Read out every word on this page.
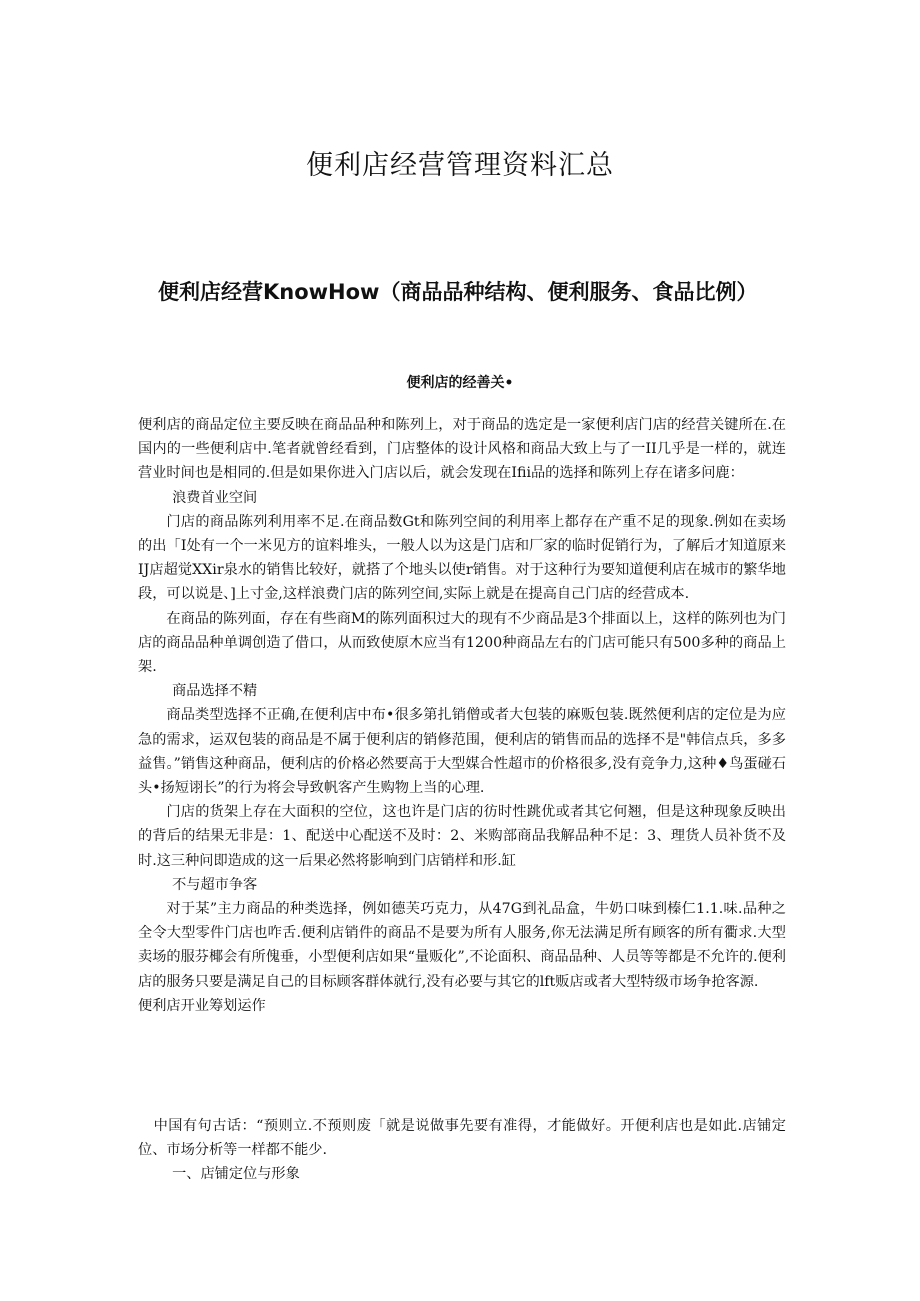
便利店经营管理资料汇总
便利店经营KnowHow（商品品种结构、便利服务、食品比例）
便利店的经善关•

便利店的商品定位主要反映在商品品种和陈列上，对于商品的选定是一家便利店门店的经营关键所在.在国内的一些便利店中.笔者就曾经看到，门店整体的设计风格和商品大致上与了一II几乎是一样的，就连营业时间也是相同的.但是如果你进入门店以后，就会发现在Ifii品的选择和陈列上存在诸多问鹿：

浪费首业空间

门店的商品陈列利用率不足.在商品数Gt和陈列空间的利用率上都存在产重不足的现象.例如在卖场的出「I处有一个一米见方的谊料堆头，一般人以为这是门店和厂家的临时促销行为，了解后才知道原来IJ店超觉XXir泉水的销售比较好，就搭了个地头以使r销售。对于这种行为要知道便利店在城市的繁华地段，可以说是、]上寸金,这样浪费门店的陈列空间,实际上就是在提高自己门店的经营成本.

在商品的陈列面，存在有些商M的陈列面积过大的现有不少商品是3个排面以上，这样的陈列也为门店的商品品种单调创造了借口，从而致使原木应当有1200种商品左右的门店可能只有500多种的商品上架.

商品选择不精

商品类型选择不正确,在便利店中布•很多第扎销僧或者大包装的麻贩包装.既然便利店的定位是为应急的需求，运双包装的商品是不属于便利店的销修范围，便利店的销售而品的选择不是"韩信点兵，多多益售。”销售这种商品，便利店的价格必然要高于大型媒合性超市的价格很多,没有竞争力,这种♦鸟蛋碰石头•扬短诩长”的行为将会导致帆客产生购物上当的心理.

门店的货架上存在大面积的空位，这也许是门店的彷时性跳优或者其它何翘，但是这种现象反映出的背后的结果无非是：1、配送中心配送不及时：2、米购部商品我解品种不足：3、理货人员补货不及时.这三种问即造成的这一后果必然将影响到门店销样和形.缸

不与超市争客

对于某”主力商品的种类选择，例如德芙巧克力，从47G到礼品盒，牛奶口味到榛仁1.1.味.品种之全令大型零件门店也咋舌.便利店销件的商品不是要为所有人服务,你无法满足所有顾客的所有衢求.大型卖场的服芬椰会有所傀垂，小型便利店如果“量贩化”,不论面积、商品品种、人员等等都是不允许的.便利店的服务只要是满足自己的目标顾客群体就行,没有必要与其它的lft贩店或者大型特级市场争抢客源.

便利店开业筹划运作

中国有句古话：“预则立.不预则废「就是说做事先要有准得，才能做好。开便利店也是如此.店铺定位、市场分析等一样都不能少.

一、店铺定位与形象
